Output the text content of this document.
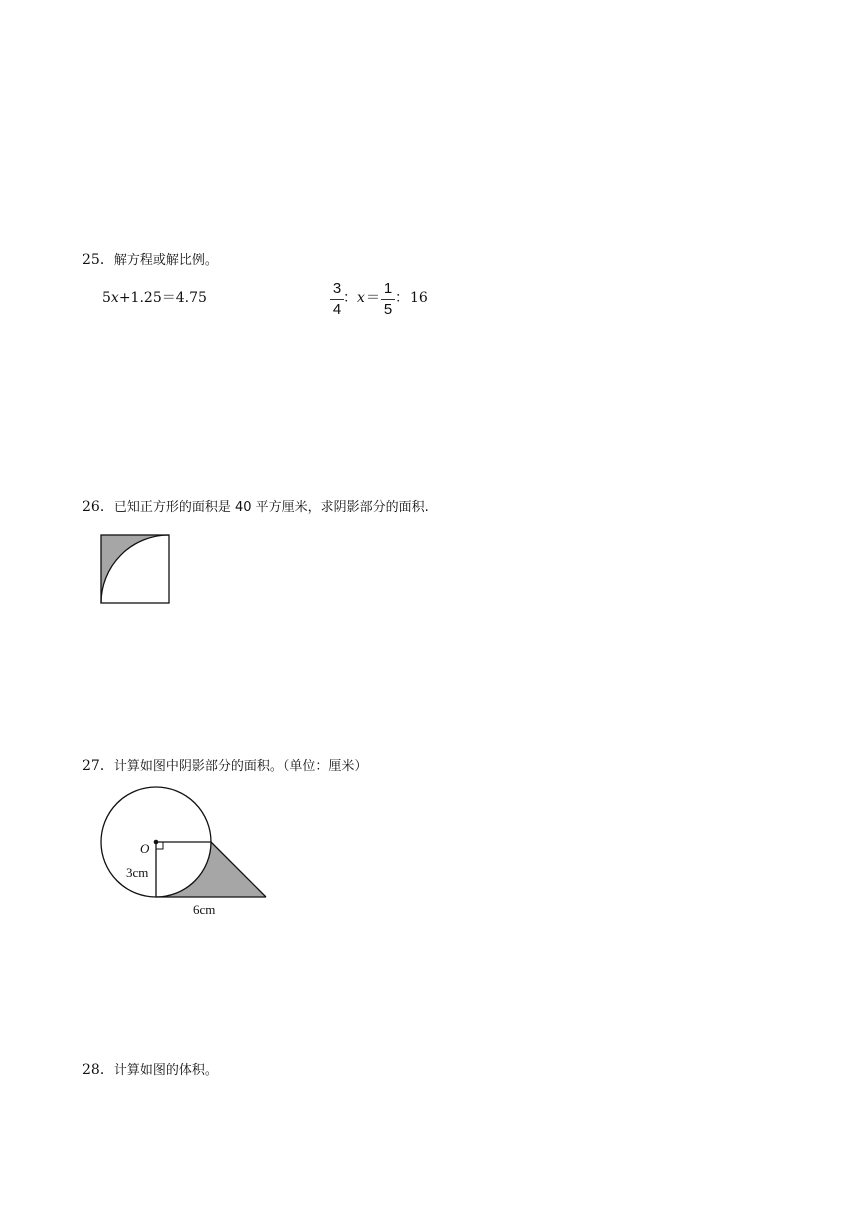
25．解方程或解比例。
5x+1.25＝4.75
3
4
： x ＝
1
5
： 16
26．已知正方形的面积是 40 平方厘米，求阴影部分的面积.
27．计算如图中阴影部分的面积。（单位：厘米）
O
3cm
6cm
28．计算如图的体积。
